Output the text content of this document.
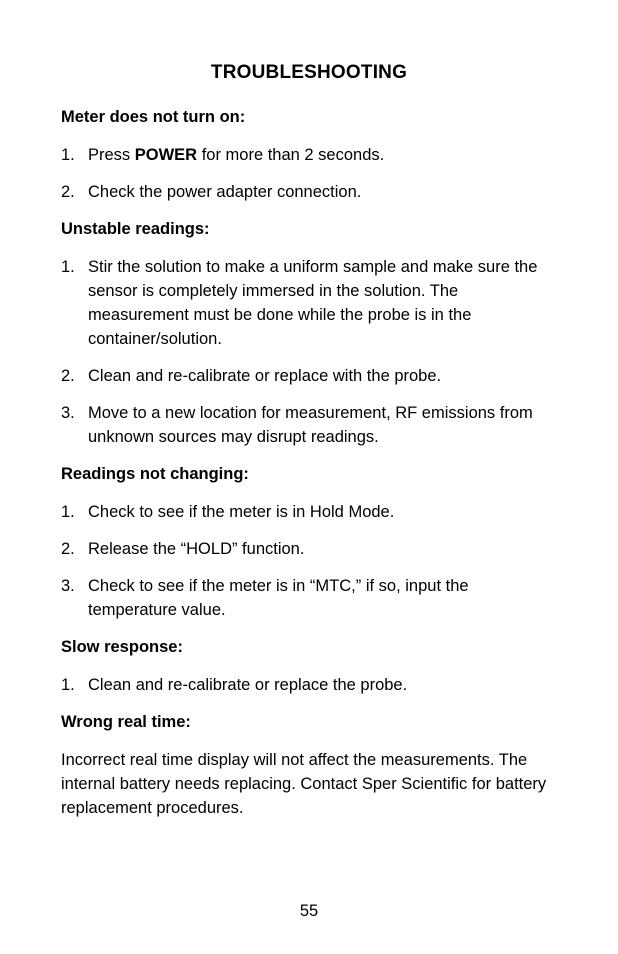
TROUBLESHOOTING
Meter does not turn on:
1. Press POWER for more than 2 seconds.
2. Check the power adapter connection.
Unstable readings:
1. Stir the solution to make a uniform sample and make sure the sensor is completely immersed in the solution. The measurement must be done while the probe is in the container/solution.
2. Clean and re-calibrate or replace with the probe.
3. Move to a new location for measurement, RF emissions from unknown sources may disrupt readings.
Readings not changing:
1. Check to see if the meter is in Hold Mode.
2. Release the “HOLD” function.
3. Check to see if the meter is in “MTC,” if so, input the temperature value.
Slow response:
1. Clean and re-calibrate or replace the probe.
Wrong real time:

Incorrect real time display will not affect the measurements. The internal battery needs replacing. Contact Sper Scientific for battery replacement procedures.

55
